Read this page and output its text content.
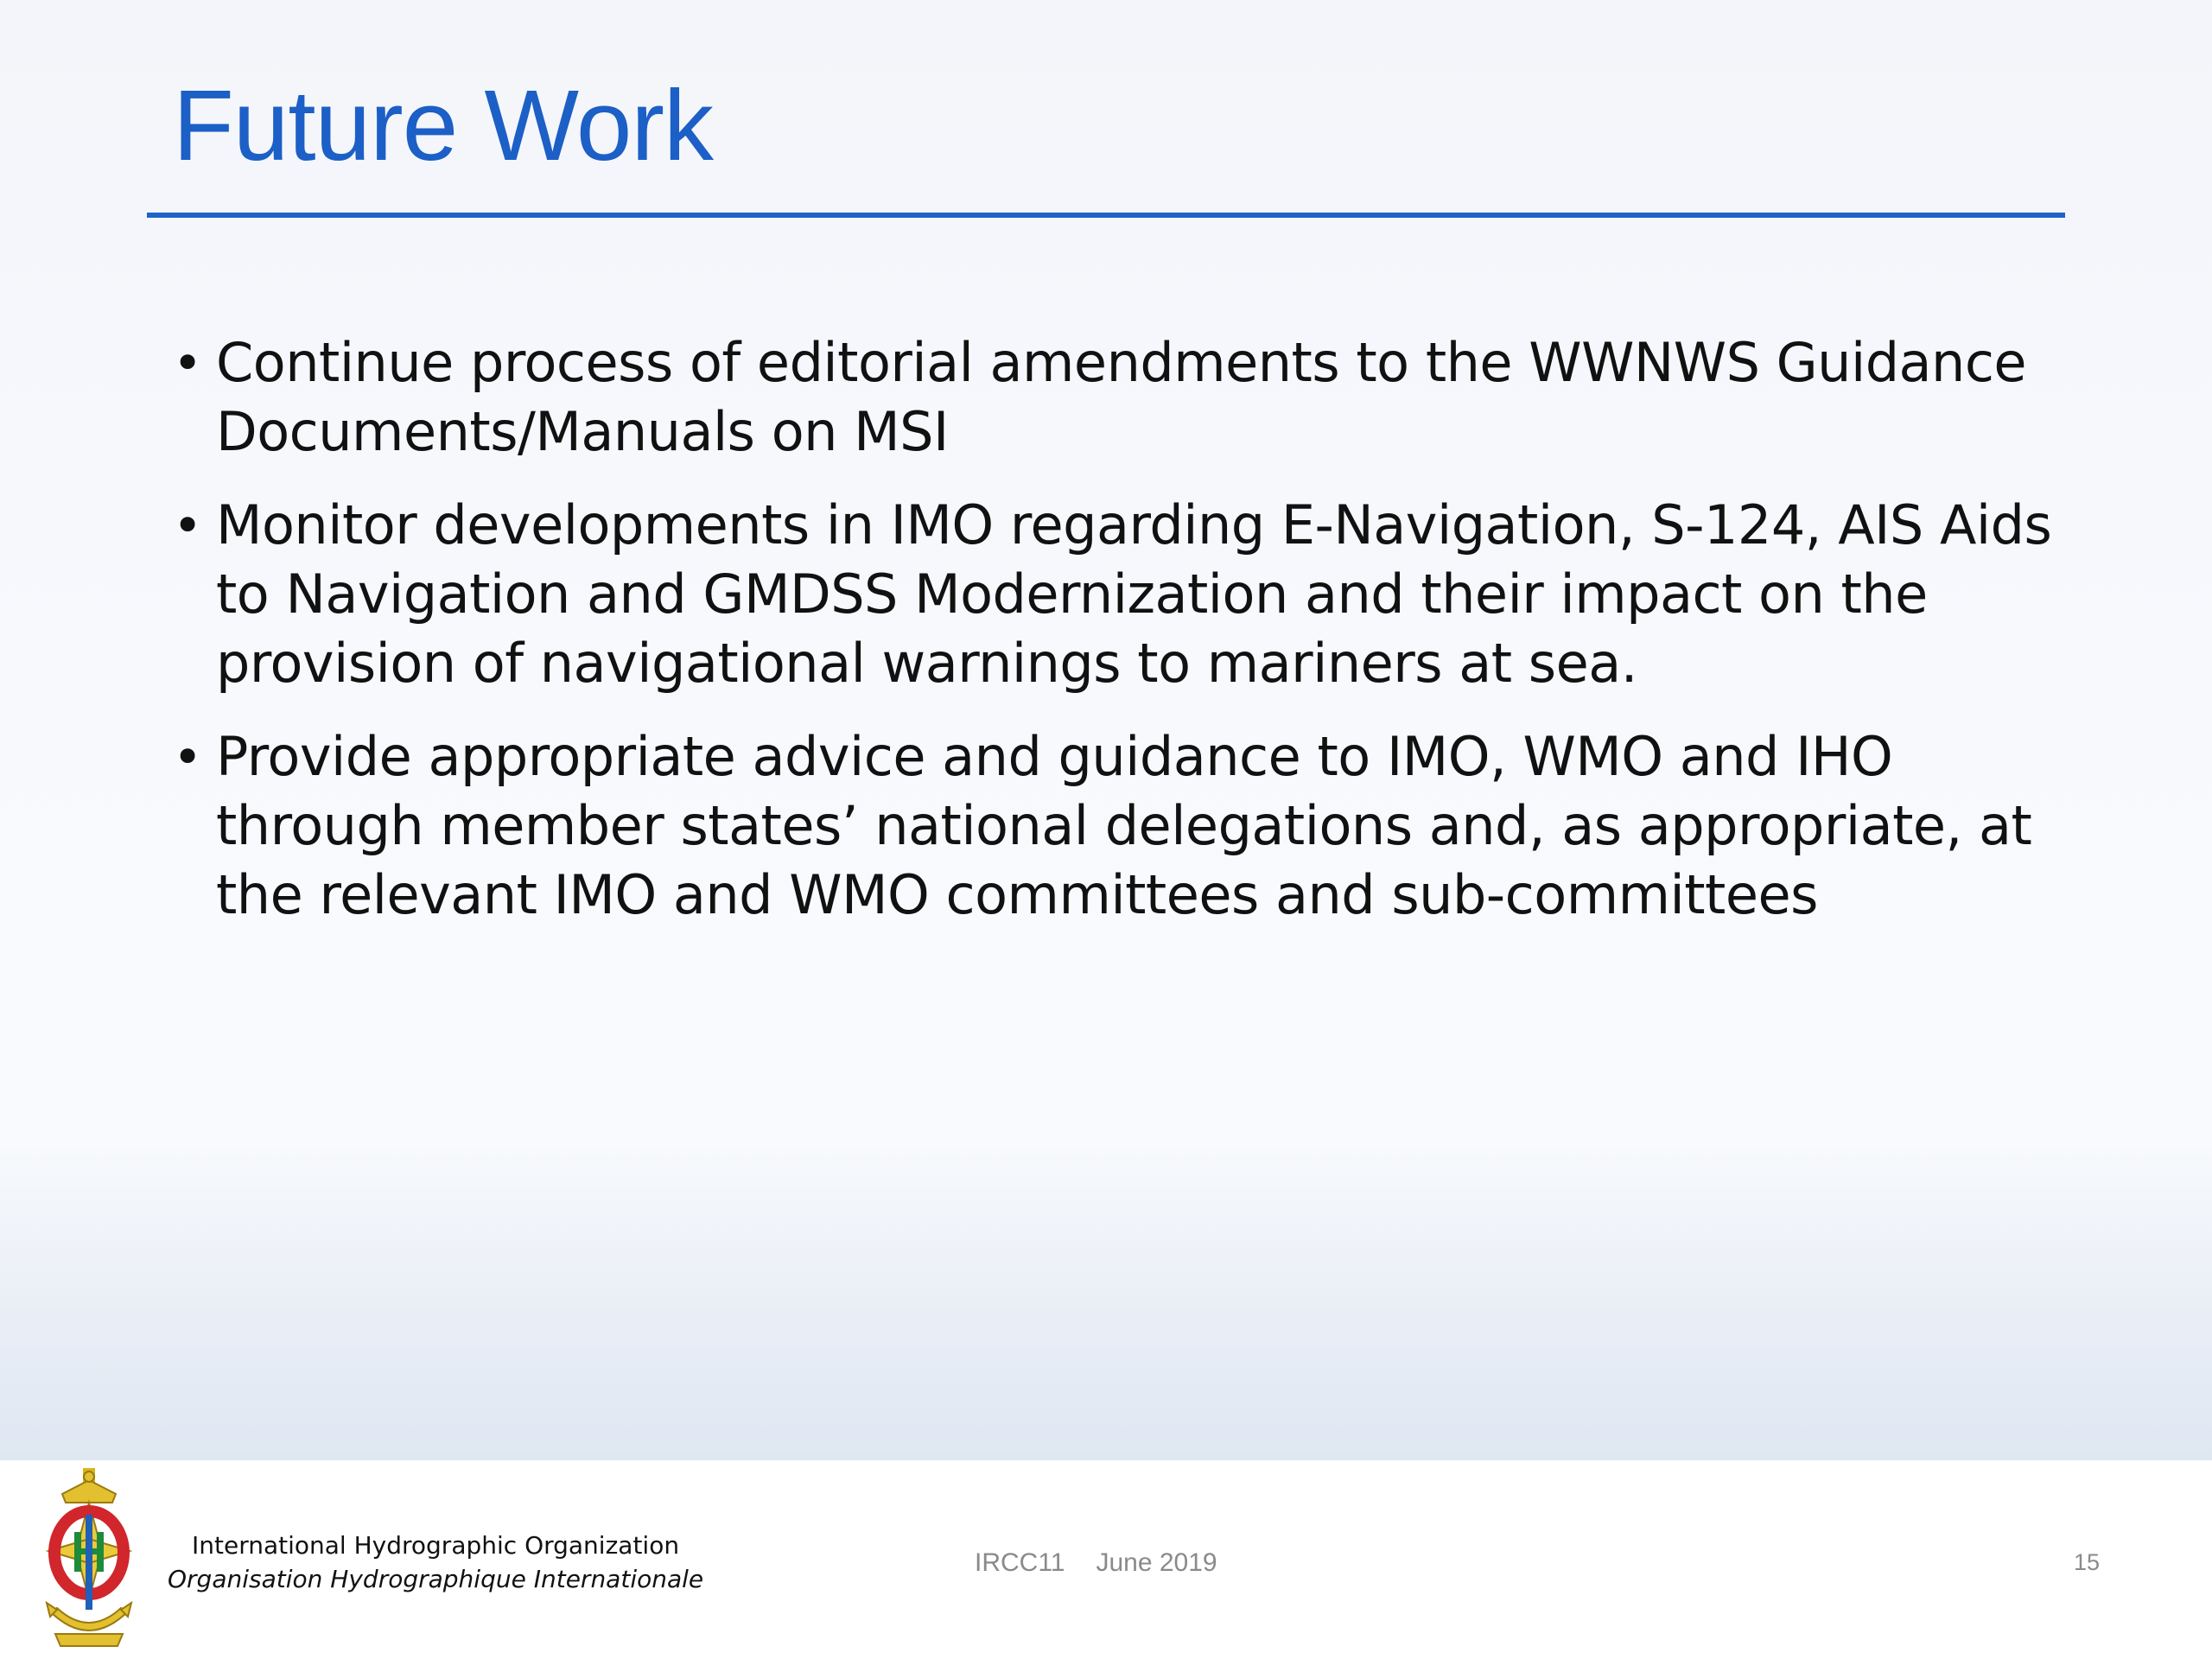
Future Work
• Continue process of editorial amendments to the WWNWS Guidance Documents/Manuals on MSI
• Monitor developments in IMO regarding E-Navigation, S-124, AIS Aids to Navigation and GMDSS Modernization and their impact on the provision of navigational warnings to mariners at sea.
• Provide appropriate advice and guidance to IMO, WMO and IHO through member states’ national delegations and, as appropriate, at the relevant IMO and WMO committees and sub-committees
International Hydrographic Organization
Organisation Hydrographique Internationale
IRCC11 June 2019	15
